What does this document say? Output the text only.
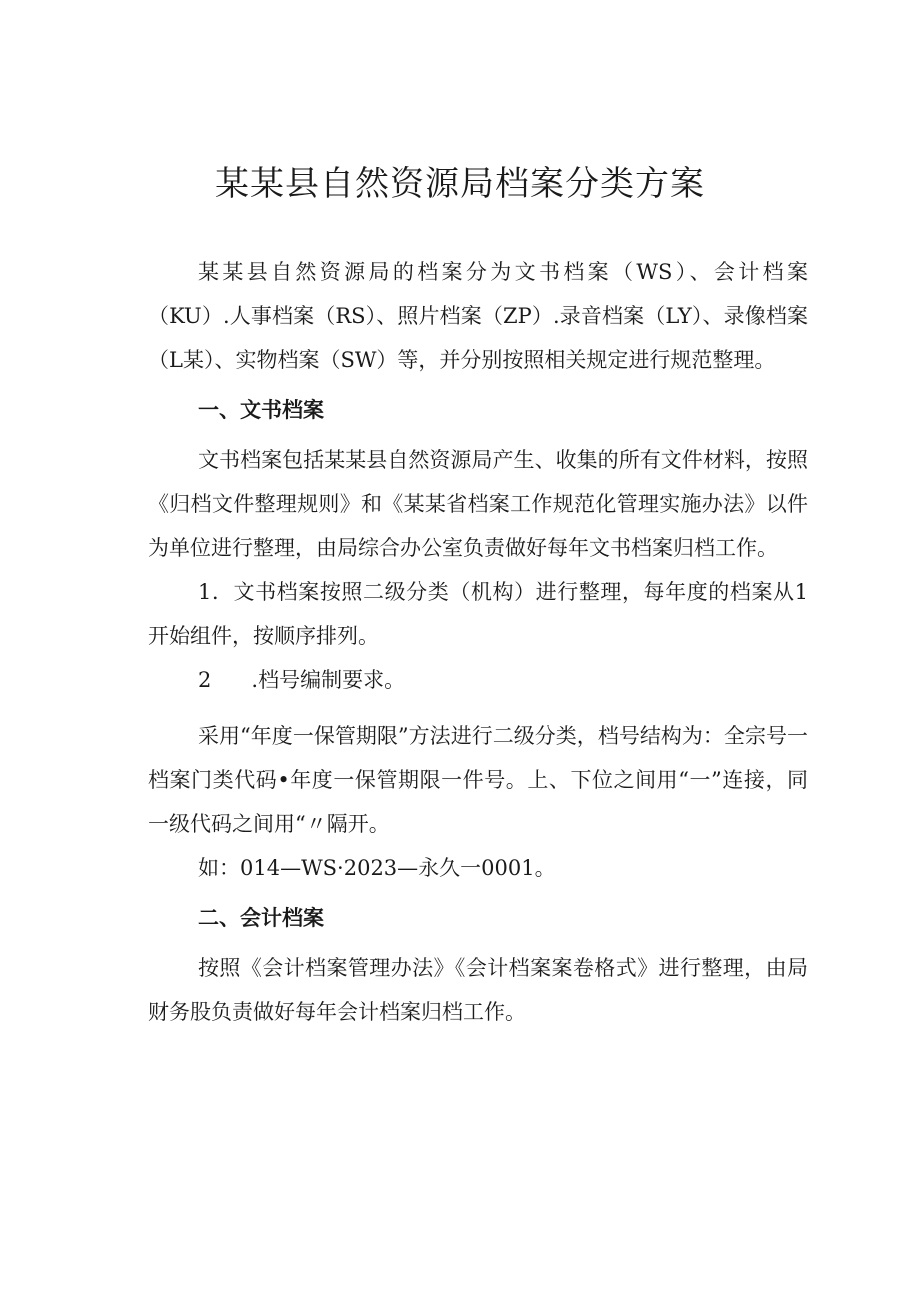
某某县自然资源局档案分类方案

某某县自然资源局的档案分为文书档案（WS）、会计档案（KU）.人事档案（RS）、照片档案（ZP）.录音档案（LY）、录像档案（L某）、实物档案（SW）等，并分别按照相关规定进行规范整理。

一、文书档案

文书档案包括某某县自然资源局产生、收集的所有文件材料，按照《归档文件整理规则》和《某某省档案工作规范化管理实施办法》以件为单位进行整理，由局综合办公室负责做好每年文书档案归档工作。

1．文书档案按照二级分类（机构）进行整理，每年度的档案从1开始组件，按顺序排列。

2      .档号编制要求。

采用“年度一保管期限”方法进行二级分类，档号结构为：全宗号一档案门类代码•年度一保管期限一件号。上、下位之间用“一”连接，同一级代码之间用“〃隔开。

如：014—WS·2023—永久一0001。

二、会计档案

按照《会计档案管理办法》《会计档案案卷格式》进行整理，由局财务股负责做好每年会计档案归档工作。
